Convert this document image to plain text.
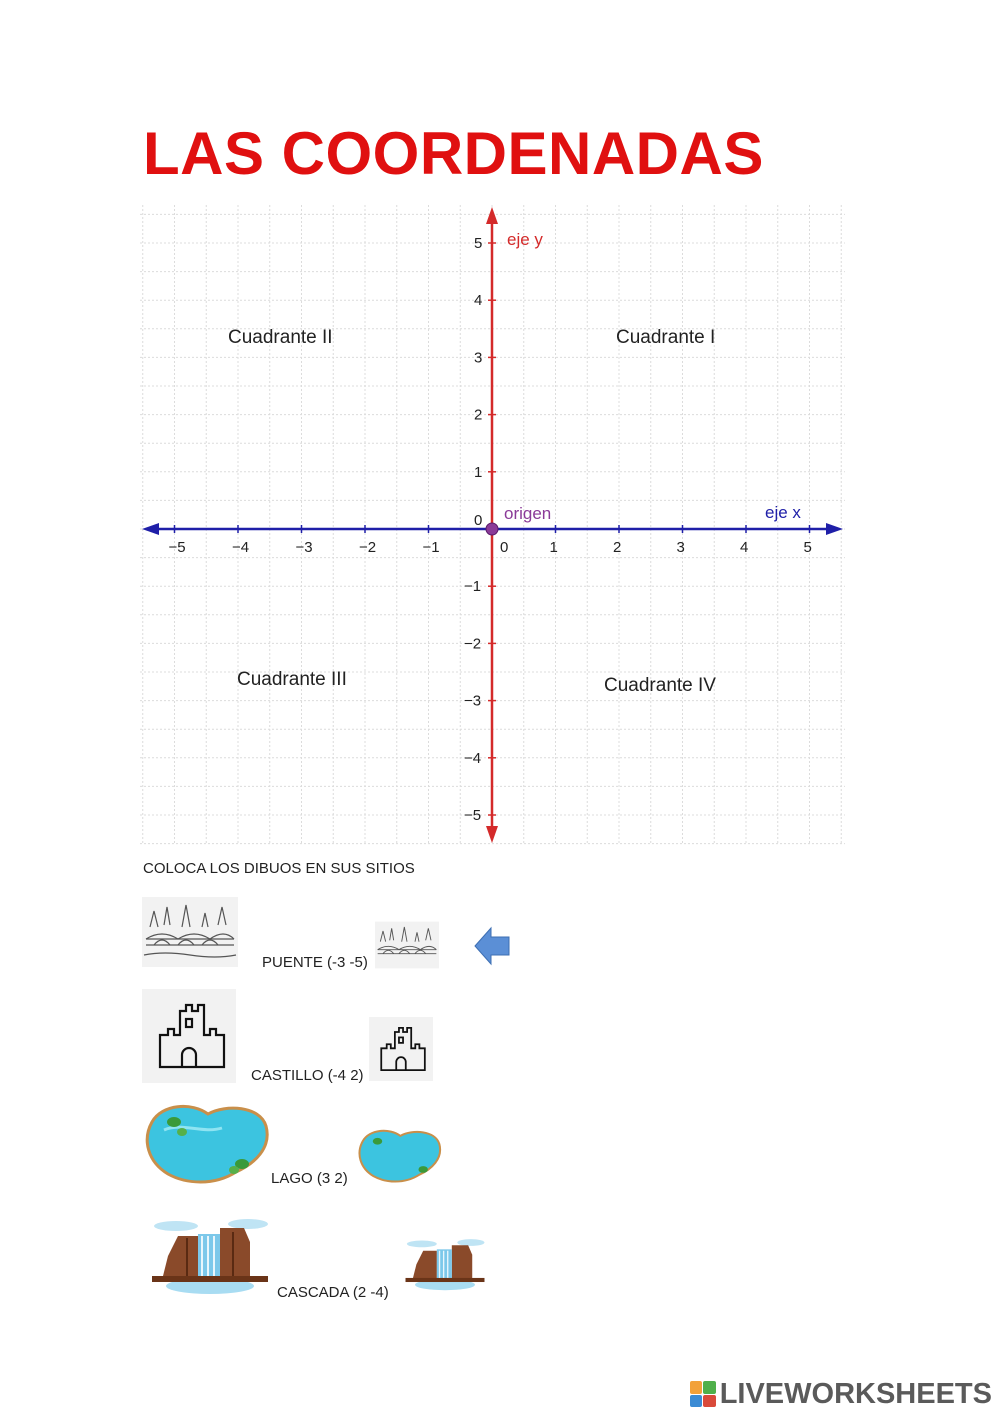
LAS COORDENADAS
−5	−4	−3	−2	−1	0	1	2	3	4	5
5
4
3
2
1
0
−1
−2
−3
−4
−5
eje y
eje x
origen
Cuadrante I
Cuadrante II
Cuadrante III	Cuadrante IV
COLOCA LOS DIBUOS EN SUS SITIOS
PUENTE (-3 -5)
CASTILLO (-4 2)
LAGO (3 2)
CASCADA (2 -4)
LIVEWORKSHEETS
